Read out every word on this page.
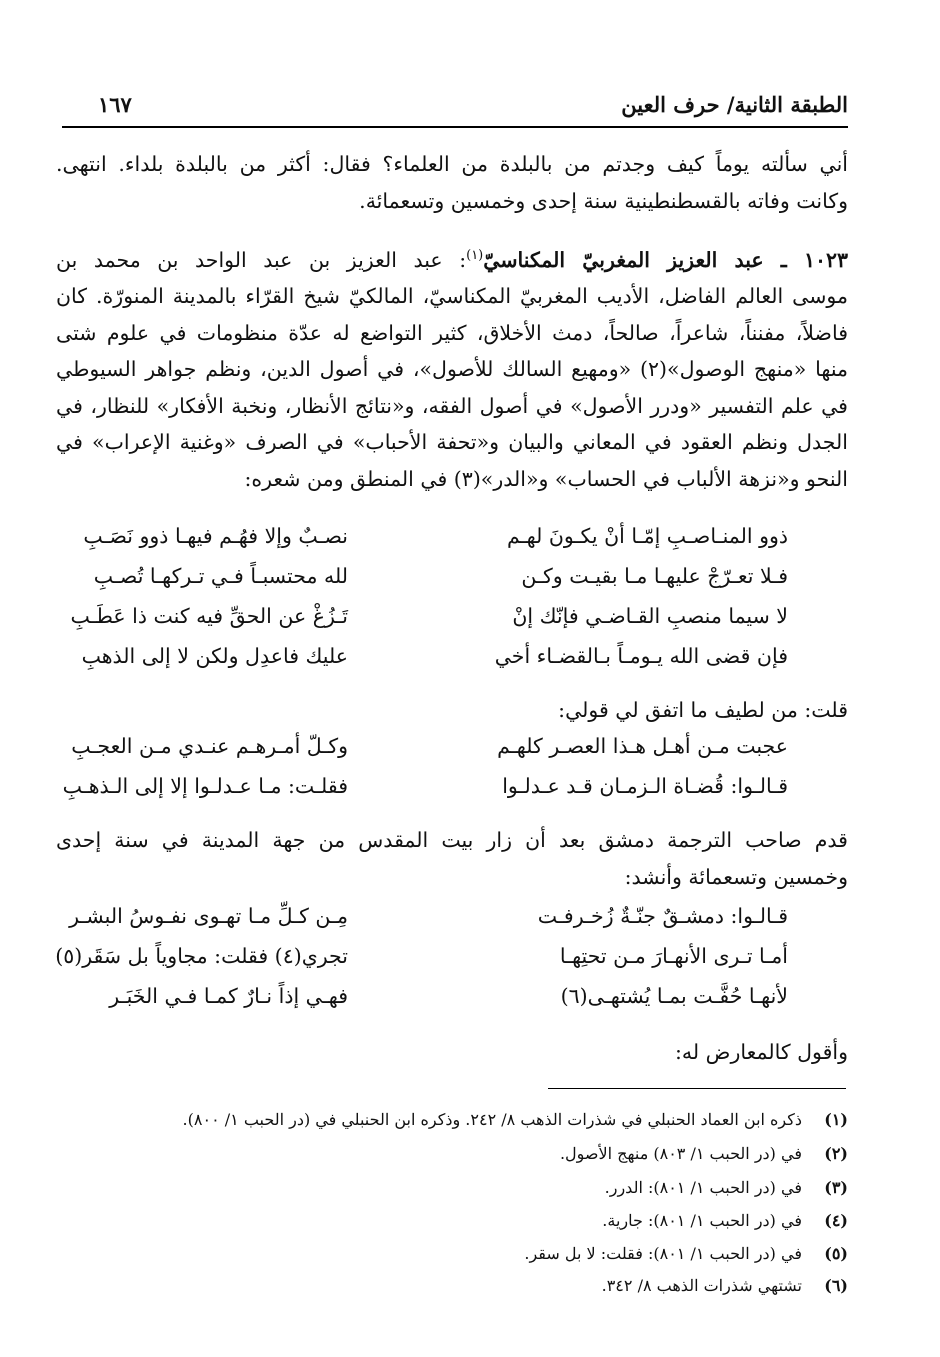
الطبقة الثانية/ حرف العين
١٦٧
أني سألته يوماً كيف وجدتم من بالبلدة من العلماء؟ فقال: أكثر من بالبلدة بلداء. انتهى.
وكانت وفاته بالقسطنطينية سنة إحدى وخمسين وتسعمائة.
١٠٢٣ ـ عبد العزيز المغربيّ المكناسيّ$^{(١)}$: عبد العزيز بن عبد الواحد بن محمد بن
موسى العالم الفاضل، الأديب المغربيّ المكناسيّ، المالكيّ شيخ القرّاء بالمدينة المنورّة. كان
فاضلاً، مفنناً، شاعراً، صالحاً، دمث الأخلاق، كثير التواضع له عدّة منظومات في علوم شتى
منها «منهج الوصول»(٢) «ومهيع السالك للأصول»، في أصول الدين، ونظم جواهر السيوطي
في علم التفسير «ودرر الأصول» في أصول الفقه، و«نتائج الأنظار، ونخبة الأفكار» للنظار، في
الجدل ونظم العقود في المعاني والبيان و«تحفة الأحباب» في الصرف «وغنية الإعراب» في
النحو و«نزهة الألباب في الحساب» و«الدر»(٣) في المنطق ومن شعره:
ذوو المنـاصـبِ إمّـا أنْ يكـونَ لهـم
نصـبٌ وإلا فهُـم فيهـا ذوو نَصَـبِ
فـلا تعـرّجْ عليهـا مـا بقيـت وكـن
لله محتسبـاً فـي تـركهـا تُصـبِ
لا سيما منصبِ القـاضـي فإنّك إنْ
تَـزُغْ عن الحقِّ فيه كنت ذا عَطَـبِ
فإن قضى الله يـومـاً بـالقضـاء أخي
عليك فاعدِل ولكن لا إلى الذهبِ
قلت: من لطيف ما اتفق لي قولي:
عجبت مـن أهـل هـذا العصـر كلهـم
وكـلّ أمـرهـم عنـدي مـن العجـبِ
قـالـوا: قُضـاة الـزمـان قـد عـدلـوا
فقلـت: مـا عـدلـوا إلا إلى الـذهـبِ
قدم صاحب الترجمة دمشق بعد أن زار بيت المقدس من جهة المدينة في سنة إحدى
وخمسين وتسعمائة وأنشد:
قـالـوا: دمشـقٌ جنّـةٌ زُخـرفـت
مِـن كـلِّ مـا تهـوى نفـوسُ البشـر
أمـا تـرى الأنهـارَ مـن تحتِهـا
تجري(٤) فقلت: مجاوياً بل سَقَر(٥)
لأنهـا حُفَّـت بمـا يُشتهـى(٦)
فهـي إذاً نـارٌ كمـا فـي الخَبَـر
وأقول كالمعارض له:
(١)ذكره ابن العماد الحنبلي في شذرات الذهب ٨/ ٢٤٢. وذكره ابن الحنبلي في (در الحبب ١/ ٨٠٠).
(٢)في (در الحبب ١/ ٨٠٣) منهج الأصول.
(٣)في (در الحبب ١/ ٨٠١): الدرر.
(٤)في (در الحبب ١/ ٨٠١): جارية.
(٥)في (در الحبب ١/ ٨٠١): فقلت: لا بل سقر.
(٦)تشتهي شذرات الذهب ٨/ ٣٤٢.
